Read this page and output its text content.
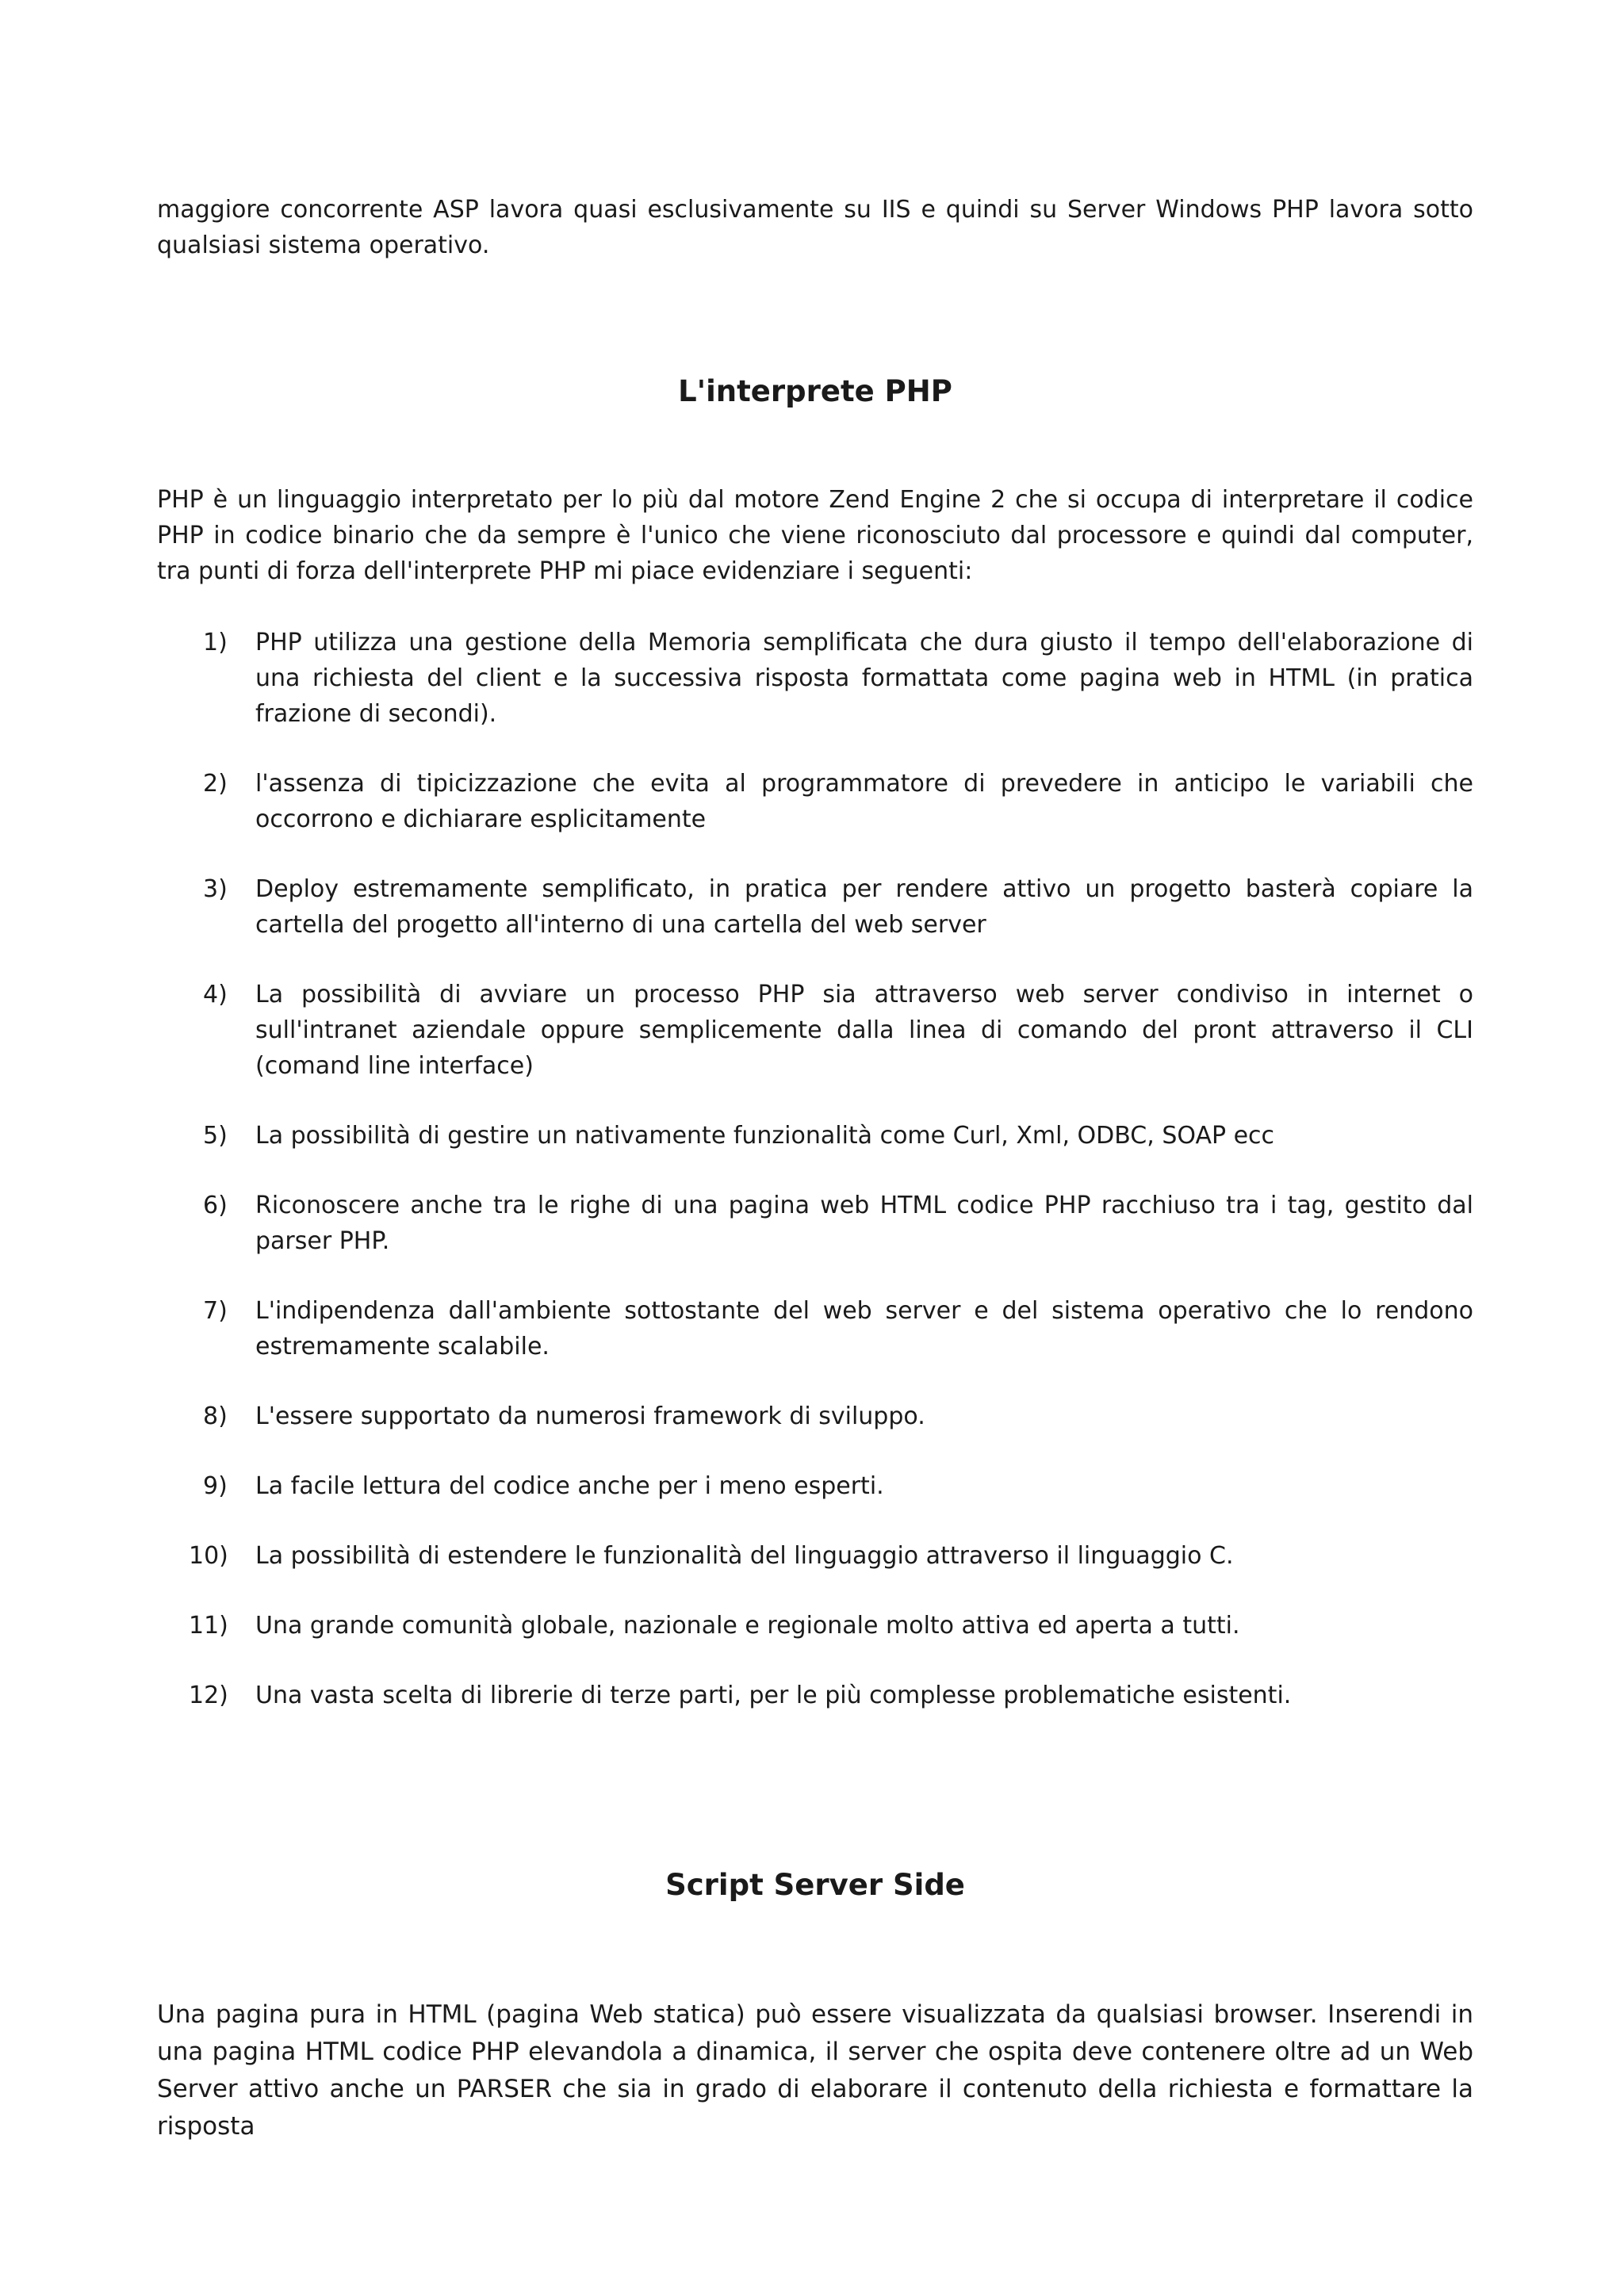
maggiore concorrente ASP lavora quasi esclusivamente su IIS e quindi su Server Windows PHP lavora sotto qualsiasi sistema operativo.

L'interprete PHP

PHP è un linguaggio interpretato per lo più dal motore Zend Engine 2 che si occupa di interpretare il codice PHP in codice binario che da sempre è l'unico che viene riconosciuto dal processore e quindi dal computer, tra punti di forza dell'interprete PHP mi piace evidenziare i seguenti:

1) PHP utilizza una gestione della Memoria semplificata che dura giusto il tempo dell'elaborazione di una richiesta del client e la successiva risposta formattata come pagina web in HTML (in pratica frazione di secondi).
2) l'assenza di tipicizzazione che evita al programmatore di prevedere in anticipo le variabili che occorrono e dichiarare esplicitamente
3) Deploy estremamente semplificato, in pratica per rendere attivo un progetto basterà copiare la cartella del progetto all'interno di una cartella del web server
4) La possibilità di avviare un processo PHP sia attraverso web server condiviso in internet o sull'intranet aziendale oppure semplicemente dalla linea di comando del pront attraverso il CLI (comand line interface)
5) La possibilità di gestire un nativamente funzionalità come Curl, Xml, ODBC, SOAP ecc
6) Riconoscere anche tra le righe di una pagina web HTML codice PHP racchiuso tra i tag, gestito dal parser PHP.
7) L'indipendenza dall'ambiente sottostante del web server e del sistema operativo che lo rendono estremamente scalabile.
8) L'essere supportato da numerosi framework di sviluppo.
9) La facile lettura del codice anche per i meno esperti.
10) La possibilità di estendere le funzionalità del linguaggio attraverso il linguaggio C.
11) Una grande comunità globale, nazionale e regionale molto attiva ed aperta a tutti.
12) Una vasta scelta di librerie di terze parti, per le più complesse problematiche esistenti.
Script Server Side

Una pagina pura in HTML (pagina Web statica) può essere visualizzata da qualsiasi browser. Inserendi in una pagina HTML codice PHP elevandola a dinamica, il server che ospita deve contenere oltre ad un Web Server attivo anche un PARSER che sia in grado di elaborare il contenuto della richiesta e formattare la risposta
